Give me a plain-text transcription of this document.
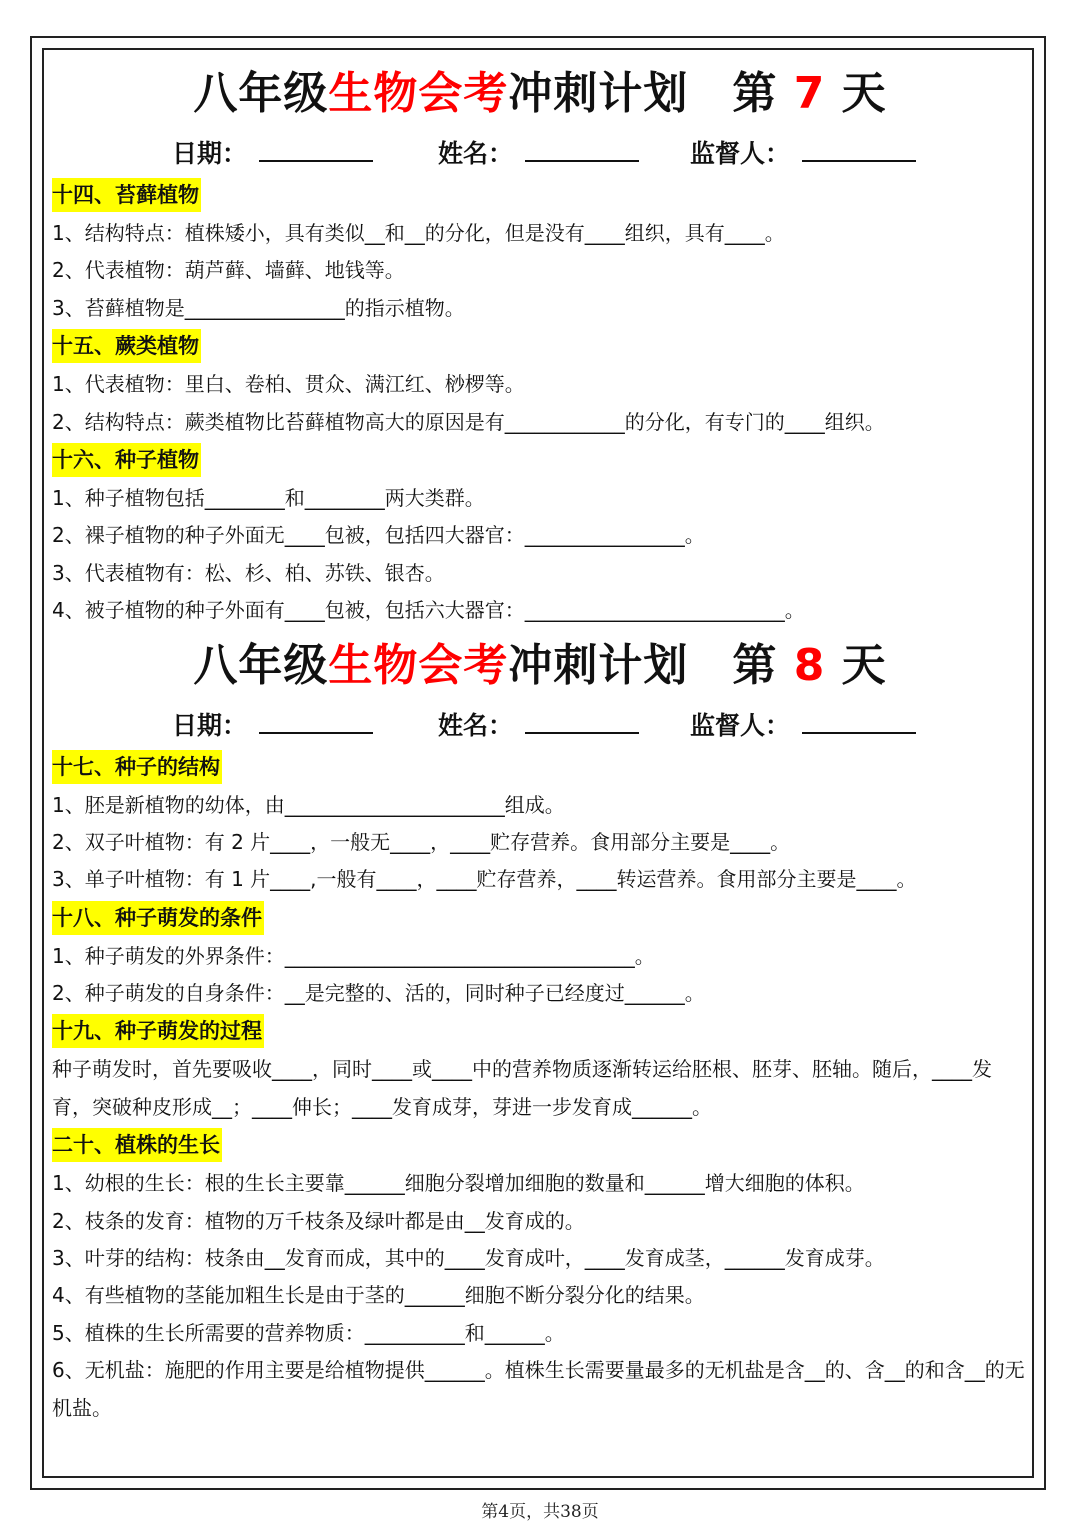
八年级生物会考冲刺计划 第 7 天
日期：	姓名：	监督人：
十四、苔藓植物
1、结构特点：植株矮小，具有类似__和__的分化，但是没有____组织，具有____。
2、代表植物：葫芦藓、墙藓、地钱等。
3、苔藓植物是________________的指示植物。
十五、蕨类植物
1、代表植物：里白、卷柏、贯众、满江红、桫椤等。
2、结构特点：蕨类植物比苔藓植物高大的原因是有____________的分化，有专门的____组织。
十六、种子植物
1、种子植物包括________和________两大类群。
2、裸子植物的种子外面无____包被，包括四大器官：________________。
3、代表植物有：松、杉、柏、苏铁、银杏。
4、被子植物的种子外面有____包被，包括六大器官：__________________________。
八年级生物会考冲刺计划 第 8 天
日期：	姓名：	监督人：
十七、种子的结构
1、胚是新植物的幼体，由______________________组成。
2、双子叶植物：有 2 片____，一般无____，____贮存营养。食用部分主要是____。
3、单子叶植物：有 1 片____,一般有____，____贮存营养，____转运营养。食用部分主要是____。
十八、种子萌发的条件
1、种子萌发的外界条件：___________________________________。
2、种子萌发的自身条件：__是完整的、活的，同时种子已经度过______。
十九、种子萌发的过程
种子萌发时，首先要吸收____，同时____或____中的营养物质逐渐转运给胚根、胚芽、胚轴。随后，____发育，突破种皮形成__；____伸长；____发育成芽，芽进一步发育成______。
二十、植株的生长
1、幼根的生长：根的生长主要靠______细胞分裂增加细胞的数量和______增大细胞的体积。
2、枝条的发育：植物的万千枝条及绿叶都是由__发育成的。
3、叶芽的结构：枝条由__发育而成，其中的____发育成叶，____发育成茎，______发育成芽。
4、有些植物的茎能加粗生长是由于茎的______细胞不断分裂分化的结果。
5、植株的生长所需要的营养物质：__________和______。
6、无机盐：施肥的作用主要是给植物提供______。植株生长需要量最多的无机盐是含__的、含__的和含__的无机盐。
第4页，共38页
